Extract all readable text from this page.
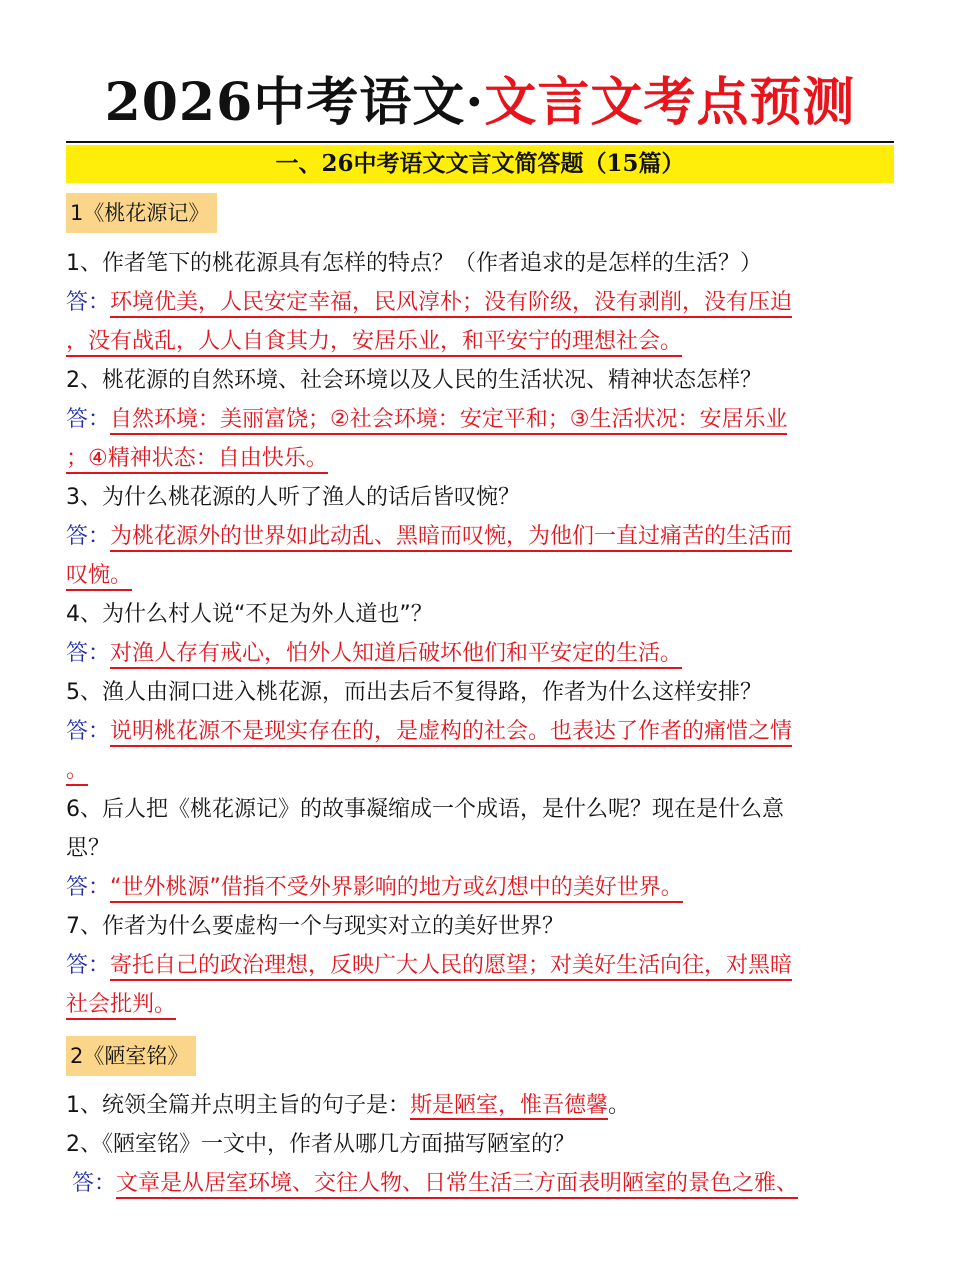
2026中考语文·文言文考点预测
一、26中考语文文言文简答题（15篇）
1《桃花源记》
1、作者笔下的桃花源具有怎样的特点？（作者追求的是怎样的生活？）
答：环境优美，人民安定幸福，民风淳朴；没有阶级，没有剥削，没有压迫
，没有战乱，人人自食其力，安居乐业，和平安宁的理想社会。
2、桃花源的自然环境、社会环境以及人民的生活状况、精神状态怎样？
答：自然环境：美丽富饶；②社会环境：安定平和；③生活状况：安居乐业
；④精神状态：自由快乐。
3、为什么桃花源的人听了渔人的话后皆叹惋？
答：为桃花源外的世界如此动乱、黑暗而叹惋，为他们一直过痛苦的生活而
叹惋。
4、为什么村人说“不足为外人道也”？
答：对渔人存有戒心，怕外人知道后破坏他们和平安定的生活。
5、渔人由洞口进入桃花源，而出去后不复得路，作者为什么这样安排？
答：说明桃花源不是现实存在的，是虚构的社会。也表达了作者的痛惜之情
。
6、后人把《桃花源记》的故事凝缩成一个成语，是什么呢？现在是什么意
思？
答：“世外桃源”借指不受外界影响的地方或幻想中的美好世界。
7、作者为什么要虚构一个与现实对立的美好世界？
答：寄托自己的政治理想，反映广大人民的愿望；对美好生活向往，对黑暗
社会批判。
2《陋室铭》
1、统领全篇并点明主旨的句子是：斯是陋室，惟吾德馨。
2、《陋室铭》一文中，作者从哪几方面描写陋室的？
答：文章是从居室环境、交往人物、日常生活三方面表明陋室的景色之雅、
